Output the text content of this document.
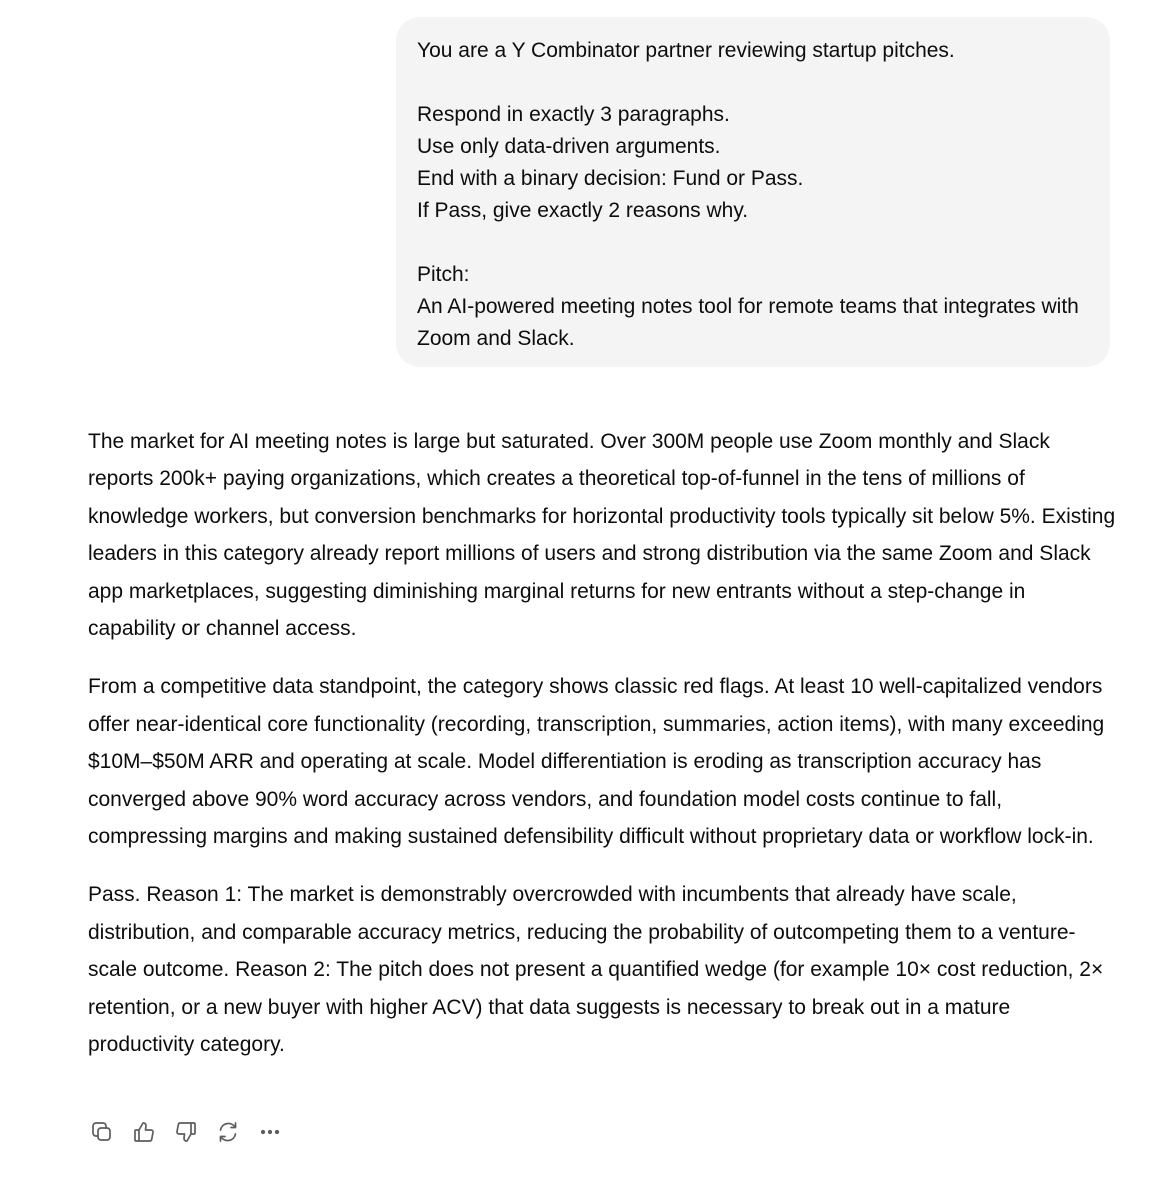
You are a Y Combinator partner reviewing startup pitches.

Respond in exactly 3 paragraphs.

Use only data-driven arguments.

End with a binary decision: Fund or Pass.

If Pass, give exactly 2 reasons why.

Pitch:

An AI-powered meeting notes tool for remote teams that integrates with Zoom and Slack.

The market for AI meeting notes is large but saturated. Over 300M people use Zoom monthly and Slack reports 200k+ paying organizations, which creates a theoretical top-of-funnel in the tens of millions of knowledge workers, but conversion benchmarks for horizontal productivity tools typically sit below 5%. Existing leaders in this category already report millions of users and strong distribution via the same Zoom and Slack app marketplaces, suggesting diminishing marginal returns for new entrants without a step-change in capability or channel access.

From a competitive data standpoint, the category shows classic red flags. At least 10 well-capitalized vendors offer near-identical core functionality (recording, transcription, summaries, action items), with many exceeding $10M–$50M ARR and operating at scale. Model differentiation is eroding as transcription accuracy has converged above 90% word accuracy across vendors, and foundation model costs continue to fall, compressing margins and making sustained defensibility difficult without proprietary data or workflow lock-in.

Pass. Reason 1: The market is demonstrably overcrowded with incumbents that already have scale, distribution, and comparable accuracy metrics, reducing the probability of outcompeting them to a venture-scale outcome. Reason 2: The pitch does not present a quantified wedge (for example 10× cost reduction, 2× retention, or a new buyer with higher ACV) that data suggests is necessary to break out in a mature productivity category.
